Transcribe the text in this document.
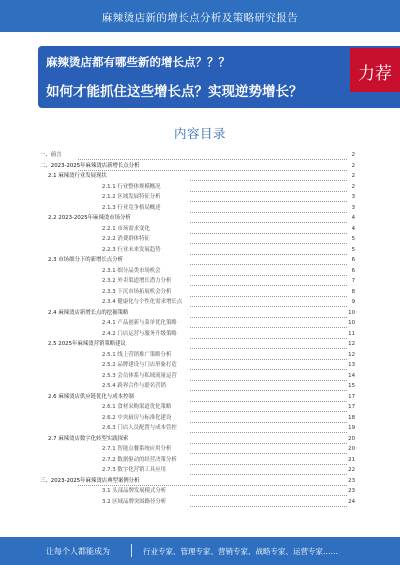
麻辣烫店新的增长点分析及策略研究报告
麻辣烫店都有哪些新的增长点？？？
如何才能抓住这些增长点？实现逆势增长？
力荐
内容目录
一、前言	2
二、2023-2025年麻辣烫店新增长点分析	2
2.1 麻辣烫行业发展现状	2
2.1.1 行业整体规模概况	2
2.1.2 区域发展特征分析	3
2.1.3 行业竞争格局概述	3
2.2 2023-2025年麻辣烫市场分析	4
2.2.1 市场需求变化	4
2.2.2 消费群体特征	5
2.2.3 行业未来发展趋势	5
2.3 市场细分下的新增长点分析	6
2.3.1 细分品类市场机会	6
2.3.2 外卖渠道增长潜力分析	7
2.3.3 下沉市场拓展机会分析	8
2.3.4 健康化与个性化需求增长点	9
2.4 麻辣烫店新增长点的挖掘策略	10
2.4.1 产品创新与菜单优化策略	10
2.4.2 门店运营与服务升级策略	11
2.5 2025年麻辣烫营销策略建议	12
2.5.1 线上营销推广策略分析	12
2.5.2 品牌建设与门店形象打造	13
2.5.3 会员体系与私域流量运营	14
2.5.4 跨界合作与联名营销	15
2.6 麻辣烫店供应链优化与成本控制	17
2.6.1 食材采购渠道优化策略	17
2.6.2 中央厨房与标准化建设	18
2.6.3 门店人员配置与成本管控	19
2.7 麻辣烫店数字化转型实践探索	20
2.7.1 智能点餐系统应用分析	20
2.7.2 数据驱动的经营决策分析	21
2.7.3 数字化营销工具应用	22
三、2023-2025年麻辣烫店典型案例分析	23
3.1 头部品牌发展模式分析	23
3.2 区域品牌突围路径分析	24
让每个人都能成为	行业专家、管理专家、营销专家、战略专家、运营专家……
